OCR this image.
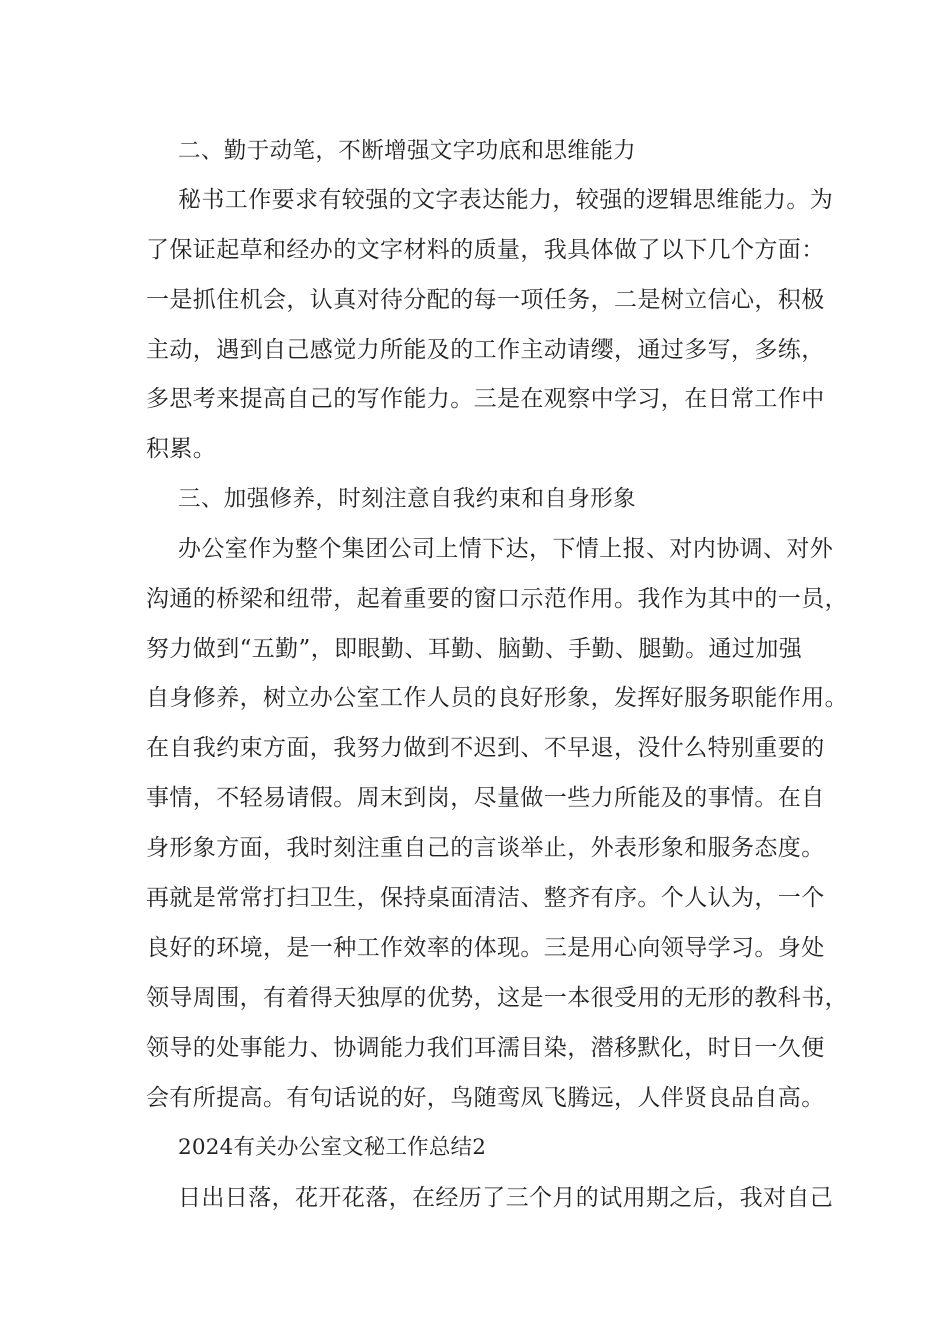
二、勤于动笔，不断增强文字功底和思维能力

秘书工作要求有较强的文字表达能力，较强的逻辑思维能力。为

了保证起草和经办的文字材料的质量，我具体做了以下几个方面：

一是抓住机会，认真对待分配的每一项任务，二是树立信心，积极

主动，遇到自己感觉力所能及的工作主动请缨，通过多写，多练，

多思考来提高自己的写作能力。三是在观察中学习，在日常工作中

积累。

三、加强修养，时刻注意自我约束和自身形象

办公室作为整个集团公司上情下达，下情上报、对内协调、对外

沟通的桥梁和纽带，起着重要的窗口示范作用。我作为其中的一员，

努力做到“五勤”，即眼勤、耳勤、脑勤、手勤、腿勤。通过加强

自身修养，树立办公室工作人员的良好形象，发挥好服务职能作用。

在自我约束方面，我努力做到不迟到、不早退，没什么特别重要的

事情，不轻易请假。周末到岗，尽量做一些力所能及的事情。在自

身形象方面，我时刻注重自己的言谈举止，外表形象和服务态度。

再就是常常打扫卫生，保持桌面清洁、整齐有序。个人认为，一个

良好的环境，是一种工作效率的体现。三是用心向领导学习。身处

领导周围，有着得天独厚的优势，这是一本很受用的无形的教科书，

领导的处事能力、协调能力我们耳濡目染，潜移默化，时日一久便

会有所提高。有句话说的好，鸟随鸾凤飞腾远，人伴贤良品自高。

2024有关办公室文秘工作总结2

日出日落，花开花落，在经历了三个月的试用期之后，我对自己
